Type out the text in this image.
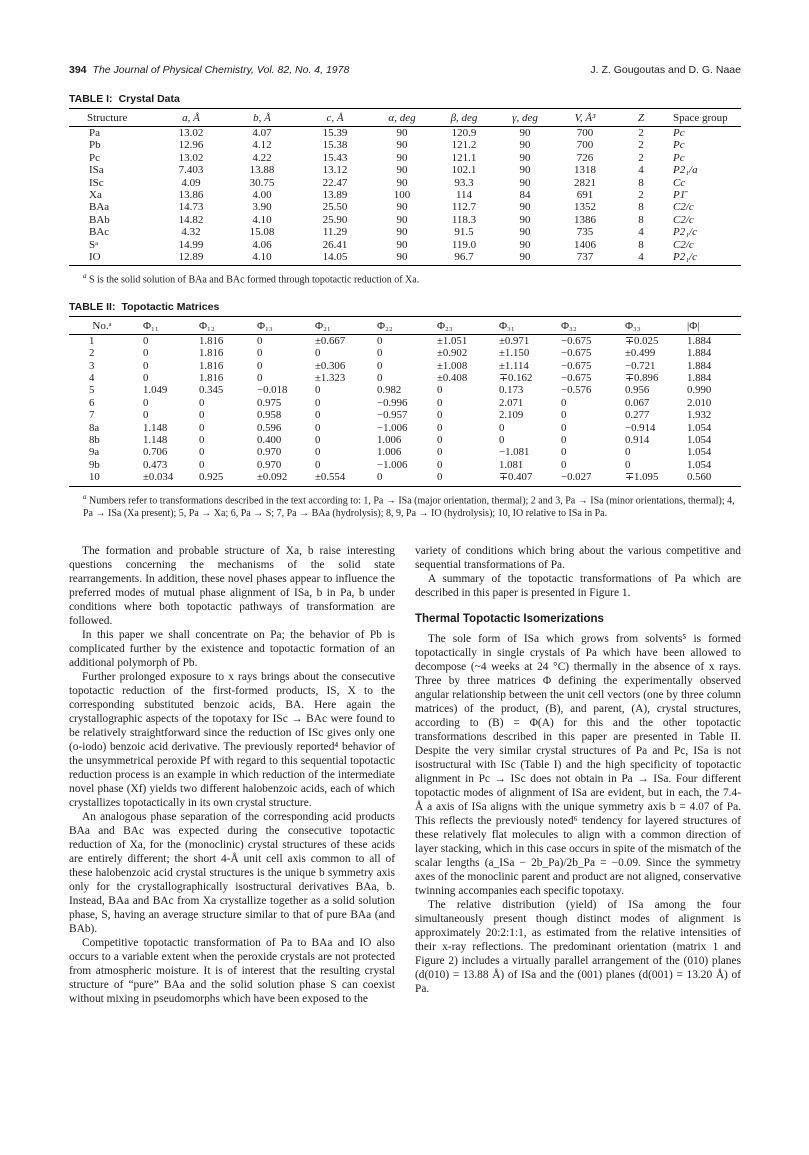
394 The Journal of Physical Chemistry, Vol. 82, No. 4, 1978	J. Z. Gougoutas and D. G. Naae
TABLE I: Crystal Data
Structure	a, Å	b, Å	c, Å	α, deg	β, deg	γ, deg	V, Å³	Z	Space group
Pa	13.02	4.07	15.39	90	120.9	90	700	2	Pc
Pb	12.96	4.12	15.38	90	121.2	90	700	2	Pc
Pc	13.02	4.22	15.43	90	121.1	90	726	2	Pc
ISa	7.403	13.88	13.12	90	102.1	90	1318	4	P2₁/a
ISc	4.09	30.75	22.47	90	93.3	90	2821	8	Cc
Xa	13.86	4.00	13.89	100	114	84	691	2	P1̄
BAa	14.73	3.90	25.50	90	112.7	90	1352	8	C2/c
BAb	14.82	4.10	25.90	90	118.3	90	1386	8	C2/c
BAc	4.32	15.08	11.29	90	91.5	90	735	4	P2₁/c
Sᵃ	14.99	4.06	26.41	90	119.0	90	1406	8	C2/c
IO	12.89	4.10	14.05	90	96.7	90	737	4	P2₁/c
$^a$ S is the solid solution of BAa and BAc formed through topotactic reduction of Xa.
TABLE II: Topotactic Matrices
No.ᵃ	Φ₁₁	Φ₁₂	Φ₁₃	Φ₂₁	Φ₂₂	Φ₂₃	Φ₃₁	Φ₃₂	Φ₃₃	|Φ|
1	0	1.816	0	±0.667	0	±1.051	±0.971	−0.675	∓0.025	1.884
2	0	1.816	0	0	0	±0.902	±1.150	−0.675	±0.499	1.884
3	0	1.816	0	±0.306	0	±1.008	±1.114	−0.675	−0.721	1.884
4	0	1.816	0	±1.323	0	±0.408	∓0.162	−0.675	∓0.896	1.884
5	1.049	0.345	−0.018	0	0.982	0	0.173	−0.576	0.956	0.990
6	0	0	0.975	0	−0.996	0	2.071	0	0.067	2.010
7	0	0	0.958	0	−0.957	0	2.109	0	0.277	1.932
8a	1.148	0	0.596	0	−1.006	0	0	0	−0.914	1.054
8b	1.148	0	0.400	0	1.006	0	0	0	0.914	1.054
9a	0.706	0	0.970	0	1.006	0	−1.081	0	0	1.054
9b	0.473	0	0.970	0	−1.006	0	1.081	0	0	1.054
10	±0.034	0.925	±0.092	±0.554	0	0	∓0.407	−0.027	∓1.095	0.560
$^a$ Numbers refer to transformations described in the text according to: 1, Pa → ISa (major orientation, thermal); 2 and 3, Pa → ISa (minor orientations, thermal); 4, Pa → ISa (Xa present); 5, Pa → Xa; 6, Pa → S; 7, Pa → BAa (hydrolysis); 8, 9, Pa → IO (hydrolysis); 10, IO relative to ISa in Pa.

The formation and probable structure of Xa, b raise interesting questions concerning the mechanisms of the solid state rearrangements. In addition, these novel phases appear to influence the preferred modes of mutual phase alignment of ISa, b in Pa, b under conditions where both topotactic pathways of transformation are followed.

In this paper we shall concentrate on Pa; the behavior of Pb is complicated further by the existence and topotactic formation of an additional polymorph of Pb.

Further prolonged exposure to x rays brings about the consecutive topotactic reduction of the first-formed products, IS, X to the corresponding substituted benzoic acids, BA. Here again the crystallographic aspects of the topotaxy for ISc → BAc were found to be relatively straightforward since the reduction of ISc gives only one (o-iodo) benzoic acid derivative. The previously reported⁴ behavior of the unsymmetrical peroxide Pf with regard to this sequential topotactic reduction process is an example in which reduction of the intermediate novel phase (Xf) yields two different halobenzoic acids, each of which crystallizes topotactically in its own crystal structure.

An analogous phase separation of the corresponding acid products BAa and BAc was expected during the consecutive topotactic reduction of Xa, for the (monoclinic) crystal structures of these acids are entirely different; the short 4-Å unit cell axis common to all of these halobenzoic acid crystal structures is the unique b symmetry axis only for the crystallographically isostructural derivatives BAa, b. Instead, BAa and BAc from Xa crystallize together as a solid solution phase, S, having an average structure similar to that of pure BAa (and BAb).

Competitive topotactic transformation of Pa to BAa and IO also occurs to a variable extent when the peroxide crystals are not protected from atmospheric moisture. It is of interest that the resulting crystal structure of “pure” BAa and the solid solution phase S can coexist without mixing in pseudomorphs which have been exposed to the

variety of conditions which bring about the various competitive and sequential transformations of Pa.

A summary of the topotactic transformations of Pa which are described in this paper is presented in Figure 1.

Thermal Topotactic Isomerizations

The sole form of ISa which grows from solvents⁵ is formed topotactically in single crystals of Pa which have been allowed to decompose (~4 weeks at 24 °C) thermally in the absence of x rays. Three by three matrices Φ defining the experimentally observed angular relationship between the unit cell vectors (one by three column matrices) of the product, (B), and parent, (A), crystal structures, according to (B) = Φ(A) for this and the other topotactic transformations described in this paper are presented in Table II. Despite the very similar crystal structures of Pa and Pc, ISa is not isostructural with ISc (Table I) and the high specificity of topotactic alignment in Pc → ISc does not obtain in Pa → ISa. Four different topotactic modes of alignment of ISa are evident, but in each, the 7.4-Å a axis of ISa aligns with the unique symmetry axis b = 4.07 of Pa. This reflects the previously noted⁶ tendency for layered structures of these relatively flat molecules to align with a common direction of layer stacking, which in this case occurs in spite of the mismatch of the scalar lengths (a_ISa − 2b_Pa)/2b_Pa = −0.09. Since the symmetry axes of the monoclinic parent and product are not aligned, conservative twinning accompanies each specific topotaxy.

The relative distribution (yield) of ISa among the four simultaneously present though distinct modes of alignment is approximately 20:2:1:1, as estimated from the relative intensities of their x-ray reflections. The predominant orientation (matrix 1 and Figure 2) includes a virtually parallel arrangement of the (010) planes (d(010) = 13.88 Å) of ISa and the (001) planes (d(001) = 13.20 Å) of Pa.
